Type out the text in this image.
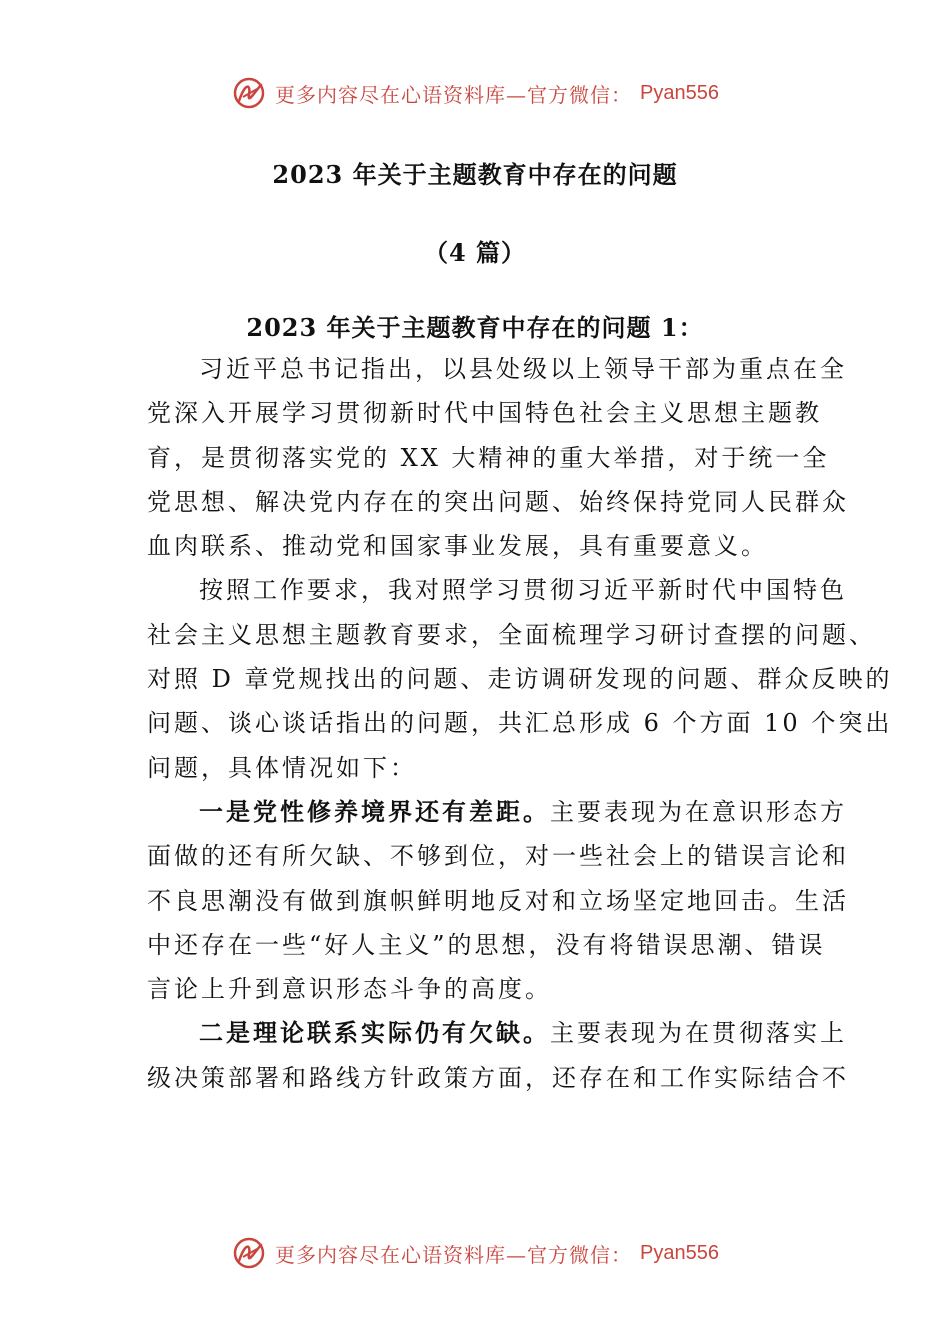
更多内容尽在心语资料库—官方微信： Pyan556
2023 年关于主题教育中存在的问题
（4 篇）
2023 年关于主题教育中存在的问题 1：
习近平总书记指出，以县处级以上领导干部为重点在全
党深入开展学习贯彻新时代中国特色社会主义思想主题教
育，是贯彻落实党的 XX 大精神的重大举措，对于统一全
党思想、解决党内存在的突出问题、始终保持党同人民群众
血肉联系、推动党和国家事业发展，具有重要意义。
按照工作要求，我对照学习贯彻习近平新时代中国特色
社会主义思想主题教育要求，全面梳理学习研讨查摆的问题、
对照 D 章党规找出的问题、走访调研发现的问题、群众反映的
问题、谈心谈话指出的问题，共汇总形成 6 个方面 10 个突出
问题，具体情况如下：
一是党性修养境界还有差距。主要表现为在意识形态方
面做的还有所欠缺、不够到位，对一些社会上的错误言论和
不良思潮没有做到旗帜鲜明地反对和立场坚定地回击。生活
中还存在一些“好人主义”的思想，没有将错误思潮、错误
言论上升到意识形态斗争的高度。
二是理论联系实际仍有欠缺。主要表现为在贯彻落实上
级决策部署和路线方针政策方面，还存在和工作实际结合不
更多内容尽在心语资料库—官方微信： Pyan556
